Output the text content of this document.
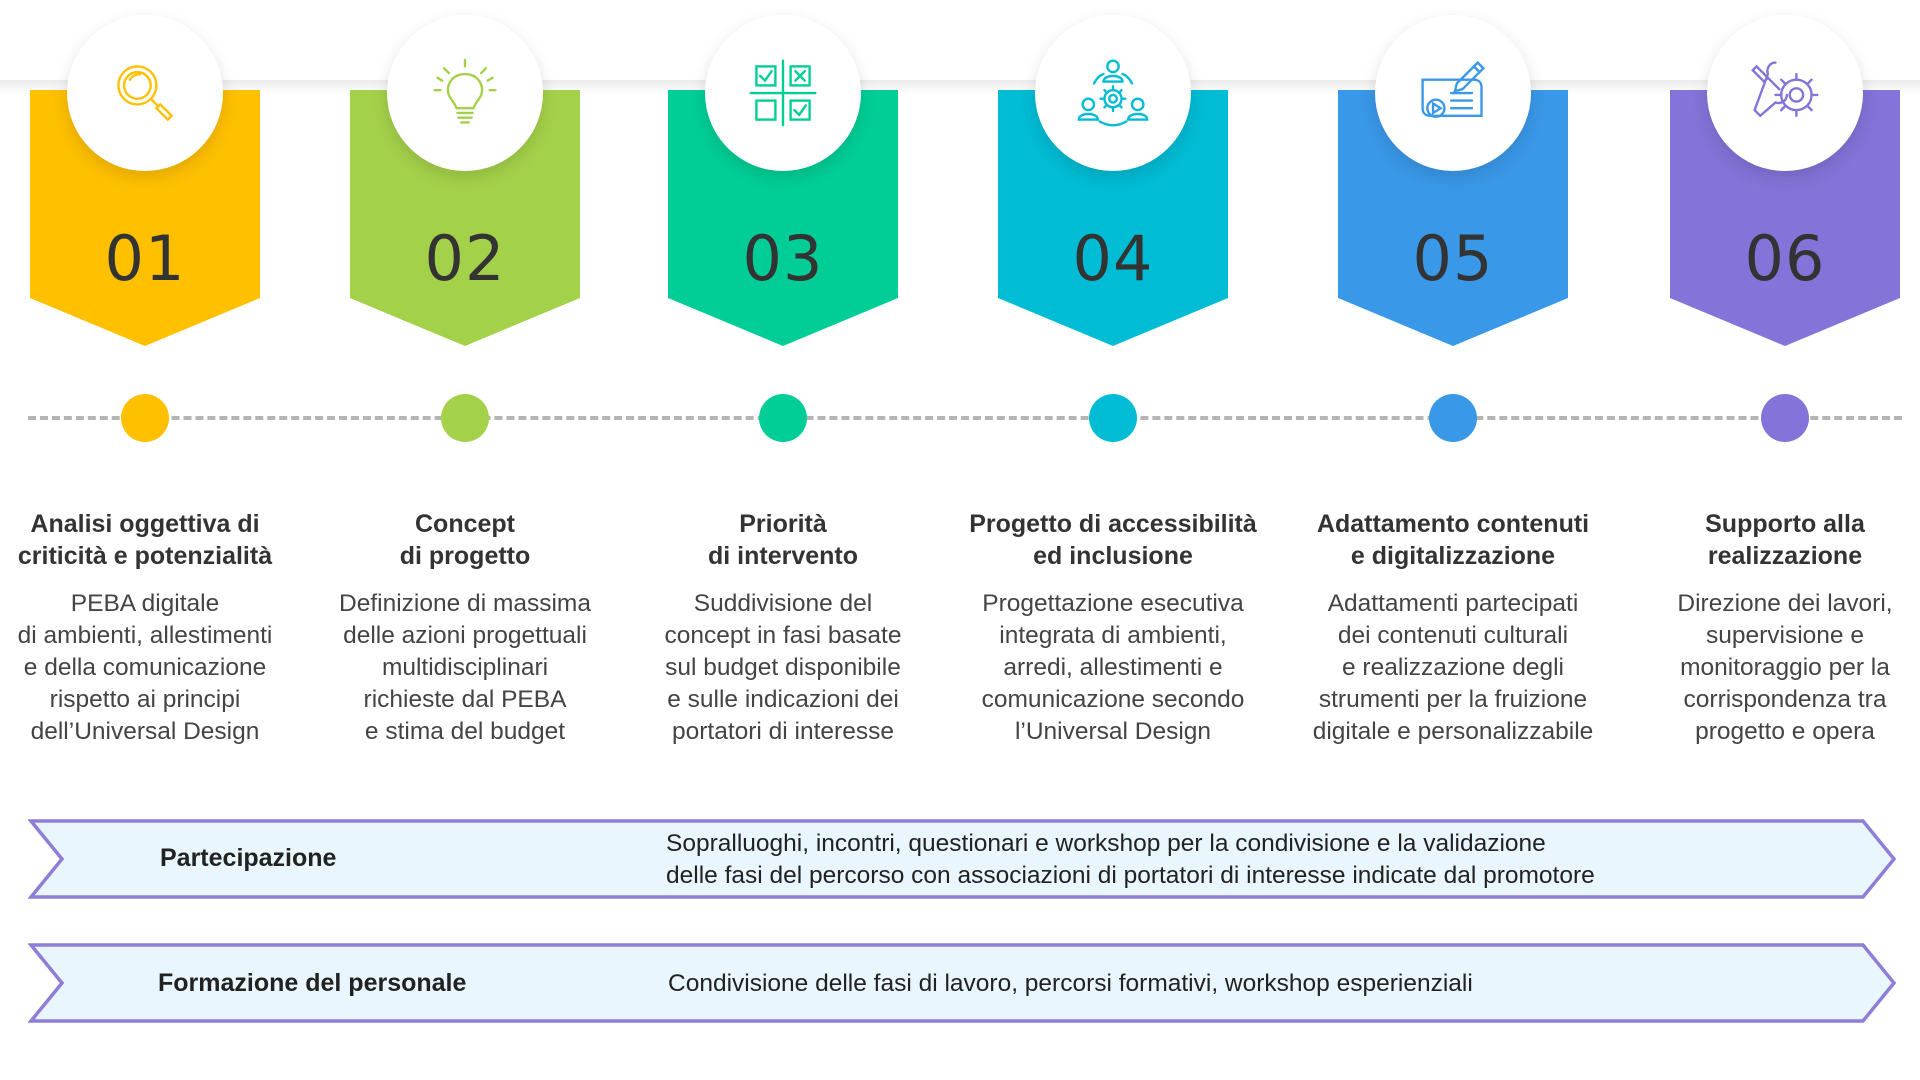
01
Analisi oggettiva di
criticità e potenzialità
PEBA digitale
di ambienti, allestimenti
e della comunicazione
rispetto ai principi
dell’Universal Design
02
Concept
di progetto
Definizione di massima
delle azioni progettuali
multidisciplinari
richieste dal PEBA
e stima del budget
03
Priorità
di intervento
Suddivisione del
concept in fasi basate
sul budget disponibile
e sulle indicazioni dei
portatori di interesse
04
Progetto di accessibilità
ed inclusione
Progettazione esecutiva
integrata di ambienti,
arredi, allestimenti e
comunicazione secondo
l’Universal Design
05
Adattamento contenuti
e digitalizzazione
Adattamenti partecipati
dei contenuti culturali
e realizzazione degli
strumenti per la fruizione
digitale e personalizzabile
06
Supporto alla
realizzazione
Direzione dei lavori,
supervisione e
monitoraggio per la
corrispondenza tra
progetto e opera
Partecipazione
Sopralluoghi, incontri, questionari e workshop per la condivisione e la validazione
delle fasi del percorso con associazioni di portatori di interesse indicate dal promotore
Formazione del personale	Condivisione delle fasi di lavoro, percorsi formativi, workshop esperienziali
